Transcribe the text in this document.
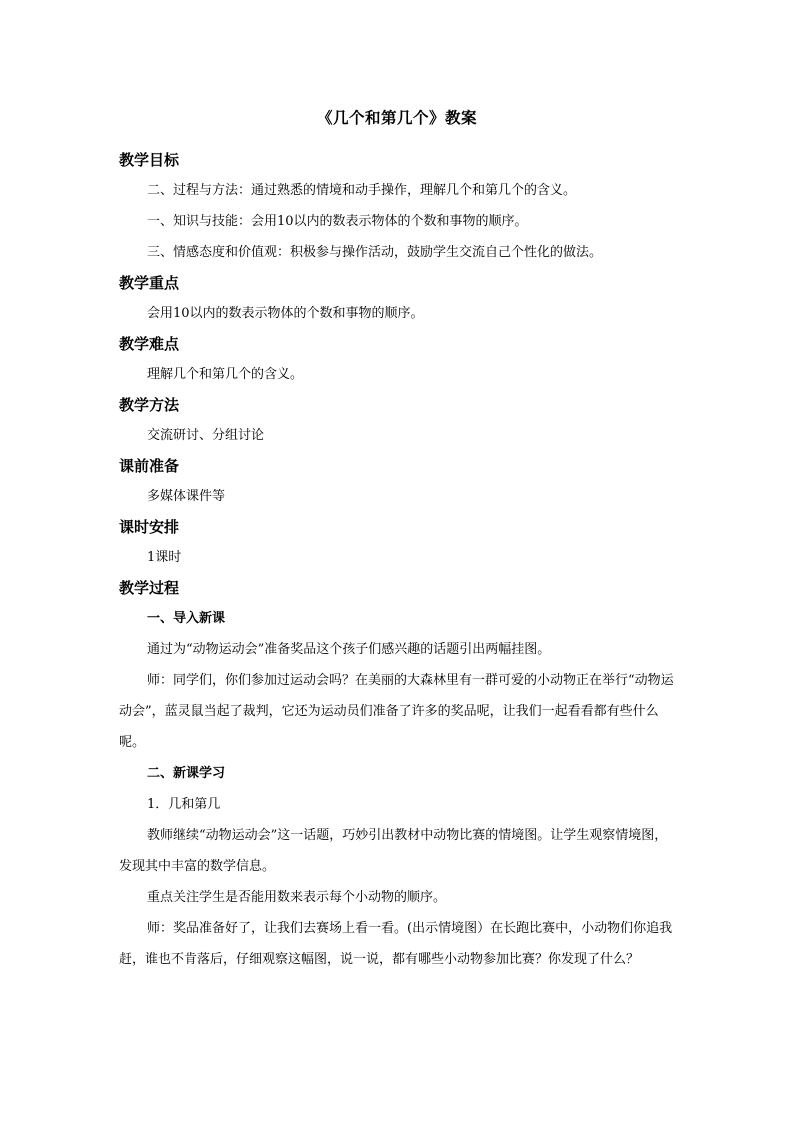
《几个和第几个》教案
教学目标
二、过程与方法：通过熟悉的情境和动手操作，理解几个和第几个的含义。
一、知识与技能：会用10以内的数表示物体的个数和事物的顺序。
三、情感态度和价值观：积极参与操作活动，鼓励学生交流自己个性化的做法。
教学重点
会用10以内的数表示物体的个数和事物的顺序。
教学难点
理解几个和第几个的含义。
教学方法
交流研讨、分组讨论
课前准备
多媒体课件等
课时安排
1课时
教学过程
一、导入新课
通过为“动物运动会”准备奖品这个孩子们感兴趣的话题引出两幅挂图。
师：同学们，你们参加过运动会吗？在美丽的大森林里有一群可爱的小动物正在举行“动物运动会”，蓝灵鼠当起了裁判，它还为运动员们准备了许多的奖品呢，让我们一起看看都有些什么呢。
二、新课学习
1．几和第几
教师继续“动物运动会”这一话题，巧妙引出教材中动物比赛的情境图。让学生观察情境图，发现其中丰富的数学信息。
重点关注学生是否能用数来表示每个小动物的顺序。
师：奖品准备好了，让我们去赛场上看一看。(出示情境图）在长跑比赛中，小动物们你追我赶，谁也不肯落后，仔细观察这幅图，说一说，都有哪些小动物参加比赛？你发现了什么？
